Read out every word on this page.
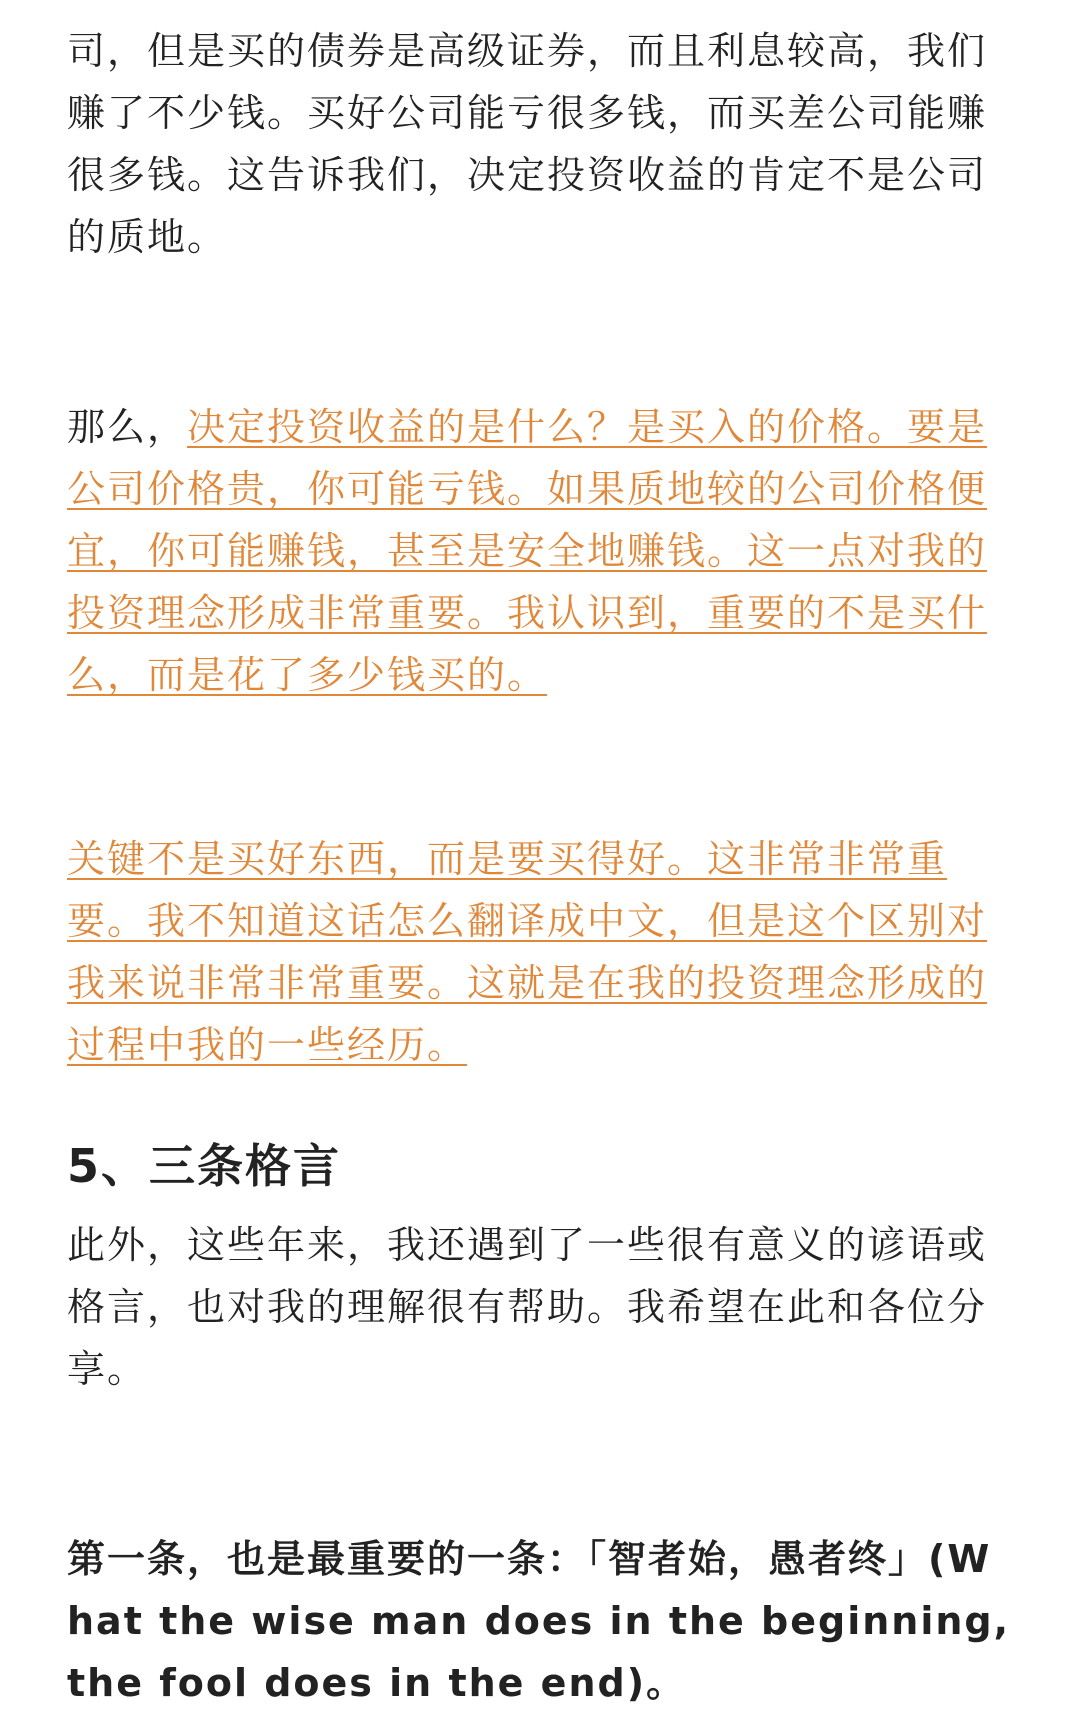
司，但是买的债券是高级证券，而且利息较高，我们赚了不少钱。买好公司能亏很多钱，而买差公司能赚很多钱。这告诉我们，决定投资收益的肯定不是公司的质地。

那么，决定投资收益的是什么？是买入的价格。要是公司价格贵，你可能亏钱。如果质地较的公司价格便宜，你可能赚钱，甚至是安全地赚钱。这一点对我的投资理念形成非常重要。我认识到，重要的不是买什么，而是花了多少钱买的。

关键不是买好东西，而是要买得好。这非常非常重要。我不知道这话怎么翻译成中文，但是这个区别对我来说非常非常重要。这就是在我的投资理念形成的过程中我的一些经历。

5、三条格言

此外，这些年来，我还遇到了一些很有意义的谚语或格言，也对我的理解很有帮助。我希望在此和各位分享。

第一条，也是最重要的一条：「智者始，愚者终」(What the wise man does in the beginning, the fool does in the end)。
